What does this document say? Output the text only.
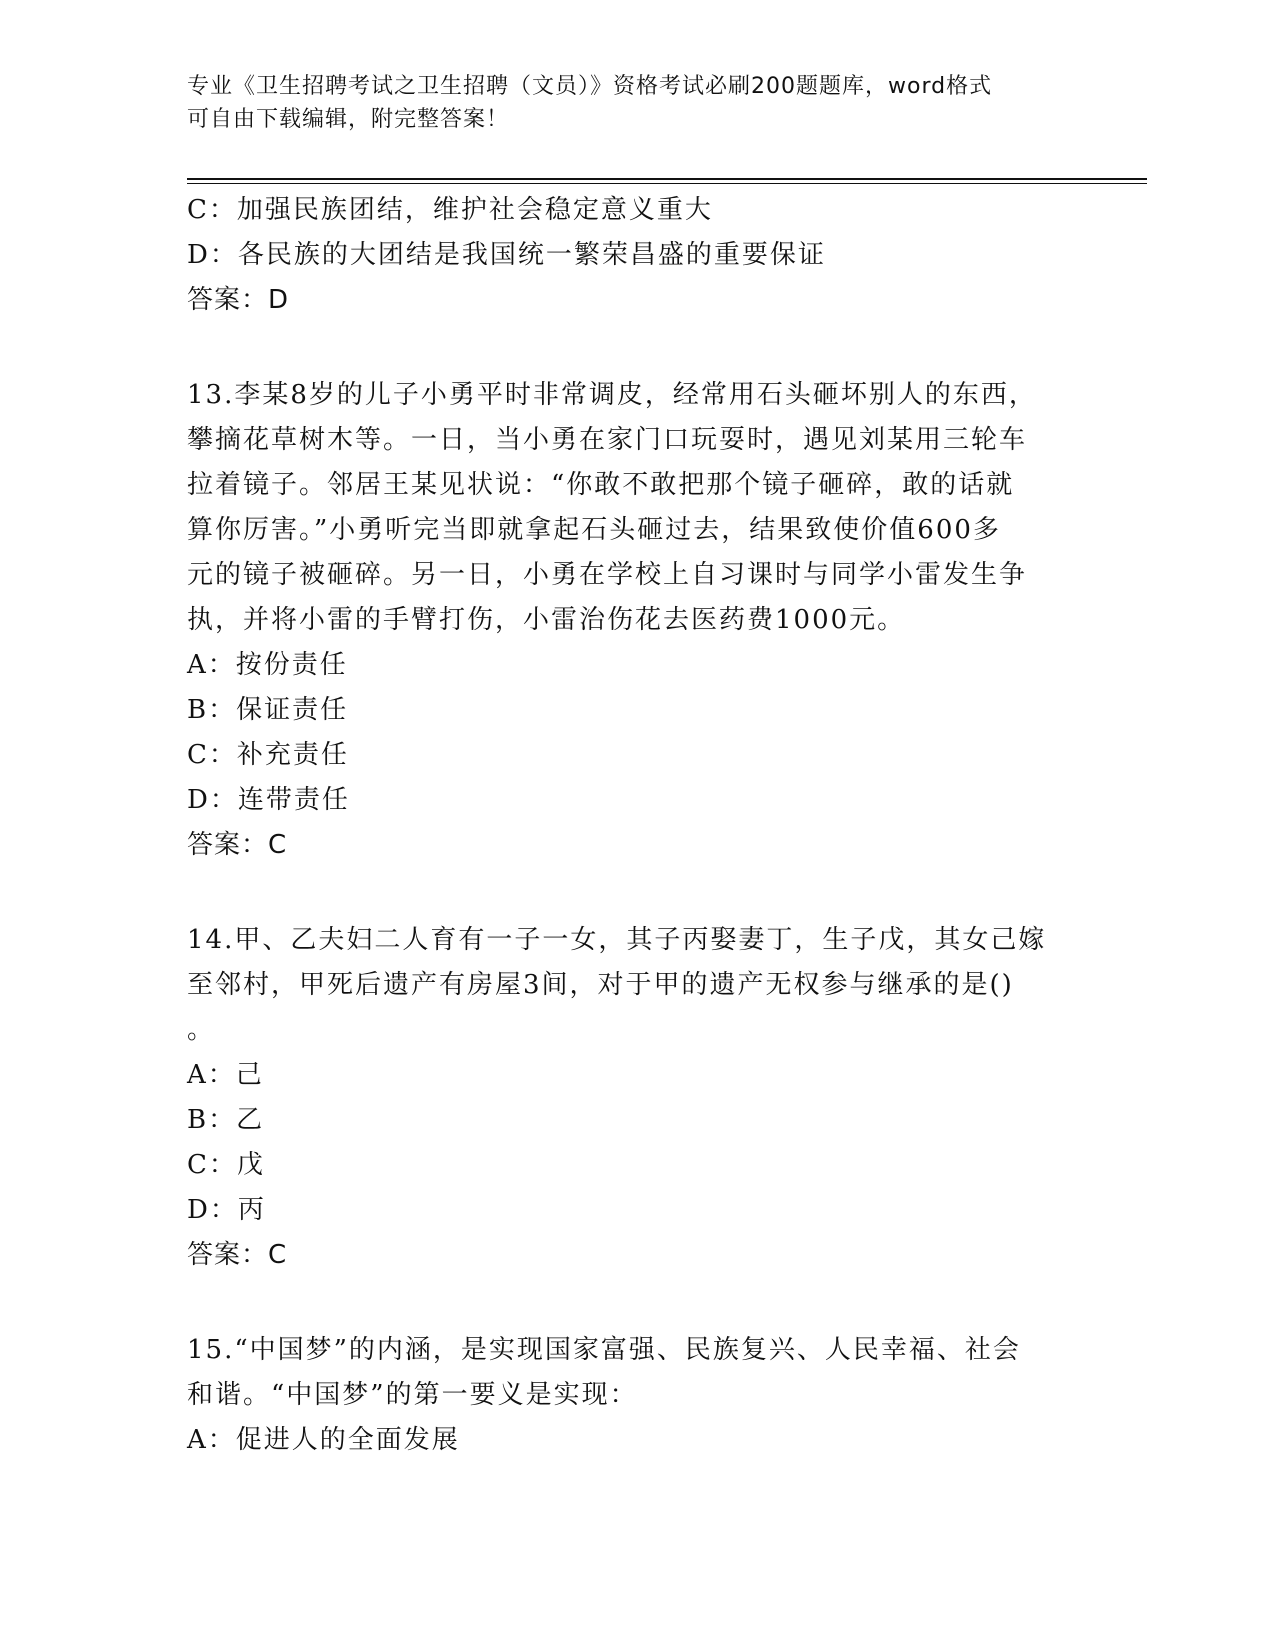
专业《卫生招聘考试之卫生招聘（文员）》资格考试必刷200题题库，word格式
可自由下载编辑，附完整答案！
C：加强民族团结，维护社会稳定意义重大
D：各民族的大团结是我国统一繁荣昌盛的重要保证
答案：D
13.李某8岁的儿子小勇平时非常调皮，经常用石头砸坏别人的东西，
攀摘花草树木等。一日，当小勇在家门口玩耍时，遇见刘某用三轮车
拉着镜子。邻居王某见状说：“你敢不敢把那个镜子砸碎，敢的话就
算你厉害。”小勇听完当即就拿起石头砸过去，结果致使价值600多
元的镜子被砸碎。另一日，小勇在学校上自习课时与同学小雷发生争
执，并将小雷的手臂打伤，小雷治伤花去医药费1000元。
A：按份责任
B：保证责任
C：补充责任
D：连带责任
答案：C
14.甲、乙夫妇二人育有一子一女，其子丙娶妻丁，生子戊，其女己嫁
至邻村，甲死后遗产有房屋3间，对于甲的遗产无权参与继承的是()
。
A：己
B：乙
C：戊
D：丙
答案：C
15.“中国梦”的内涵，是实现国家富强、民族复兴、人民幸福、社会
和谐。“中国梦”的第一要义是实现：
A：促进人的全面发展
